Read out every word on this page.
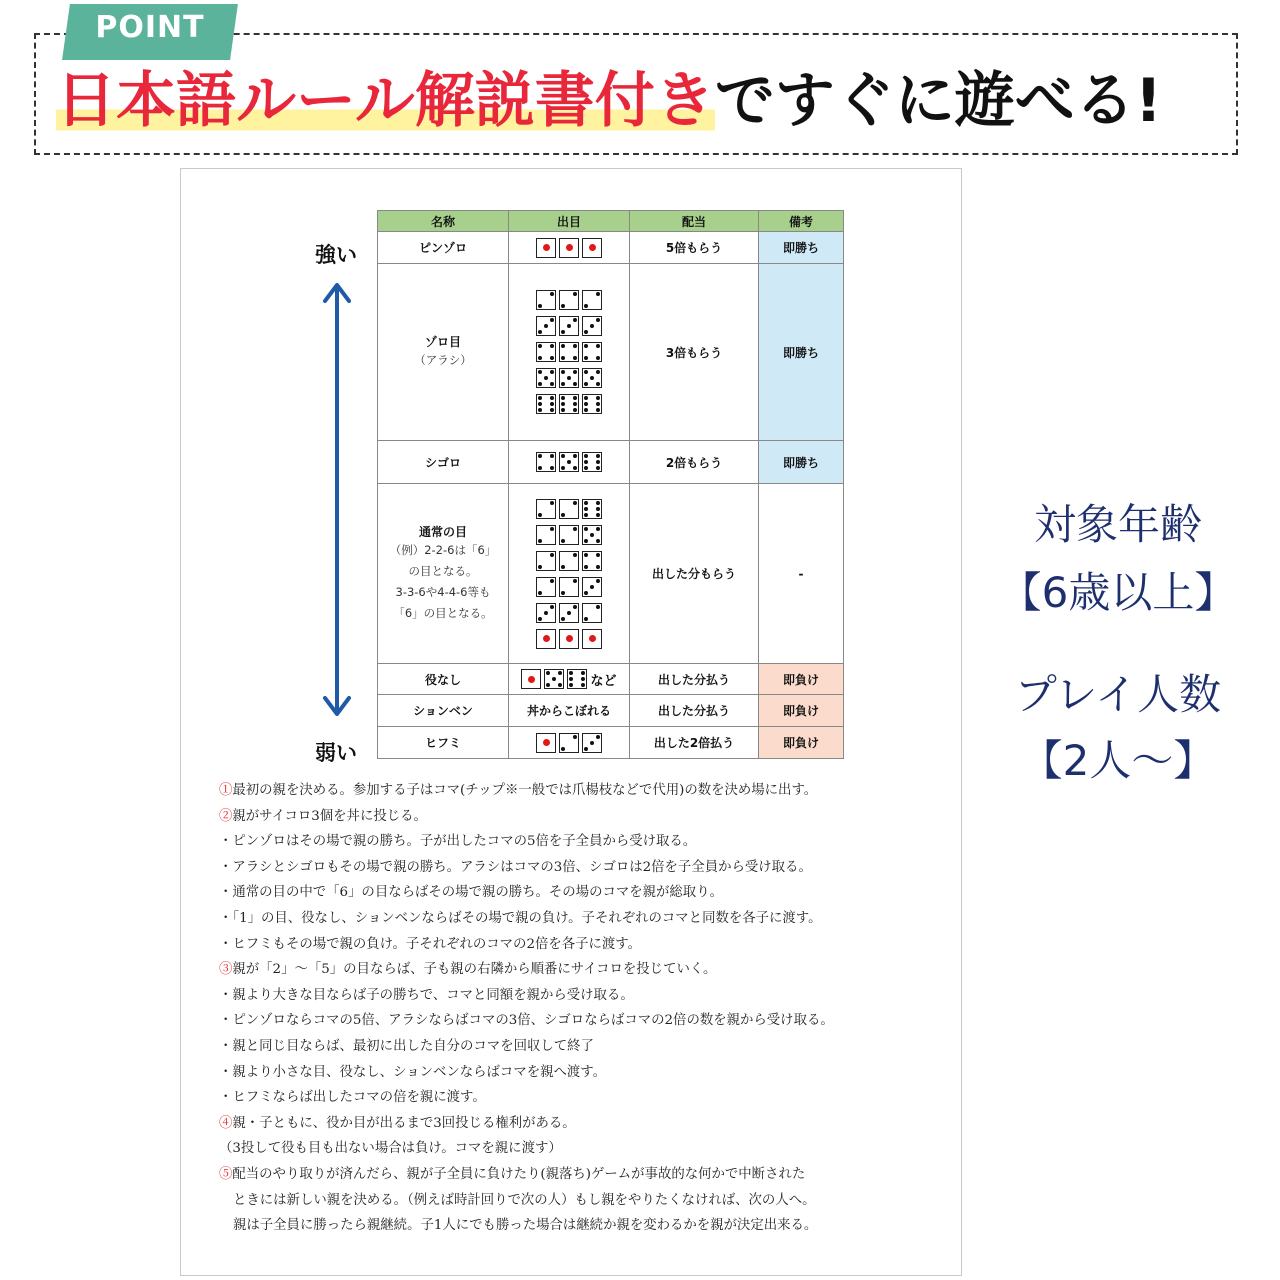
POINT
日本語ルール解説書付きですぐに遊べる!
強い
弱い
名称	出目	配当	備考
ピンゾロ		5倍もらう	即勝ち
ゾロ目
（アラシ）		3倍もらう	即勝ち
シゴロ		2倍もらう	即勝ち
通常の目
（例）2-2-6は「6」
の目となる。
3-3-6や4-4-6等も
「6」の目となる。		出した分もらう	-
役なし	など	出した分払う	即負け
ションベン	丼からこぼれる	出した分払う	即負け
ヒフミ		出した2倍払う	即負け
①最初の親を決める。参加する子はコマ(チップ※一般では爪楊枝などで代用)の数を決め場に出す。
②親がサイコロ3個を丼に投じる。
・ピンゾロはその場で親の勝ち。子が出したコマの5倍を子全員から受け取る。
・アラシとシゴロもその場で親の勝ち。アラシはコマの3倍、シゴロは2倍を子全員から受け取る。
・通常の目の中で「6」の目ならばその場で親の勝ち。その場のコマを親が総取り。
・「1」の目、役なし、ションベンならばその場で親の負け。子それぞれのコマと同数を各子に渡す。
・ヒフミもその場で親の負け。子それぞれのコマの2倍を各子に渡す。
③親が「2」～「5」の目ならば、子も親の右隣から順番にサイコロを投じていく。
・親より大きな目ならば子の勝ちで、コマと同額を親から受け取る。
・ピンゾロならコマの5倍、アラシならばコマの3倍、シゴロならばコマの2倍の数を親から受け取る。
・親と同じ目ならば、最初に出した自分のコマを回収して終了
・親より小さな目、役なし、ションベンならばコマを親へ渡す。
・ヒフミならば出したコマの倍を親に渡す。
④親・子ともに、役か目が出るまで3回投じる権利がある。
（3投して役も目も出ない場合は負け。コマを親に渡す）
⑤配当のやり取りが済んだら、親が子全員に負けたり(親落ち)ゲームが事故的な何かで中断された
ときには新しい親を決める。（例えば時計回りで次の人）もし親をやりたくなければ、次の人へ。
親は子全員に勝ったら親継続。子1人にでも勝った場合は継続か親を変わるかを親が決定出来る。
対象年齢
【6歳以上】
プレイ人数
【2人～】
